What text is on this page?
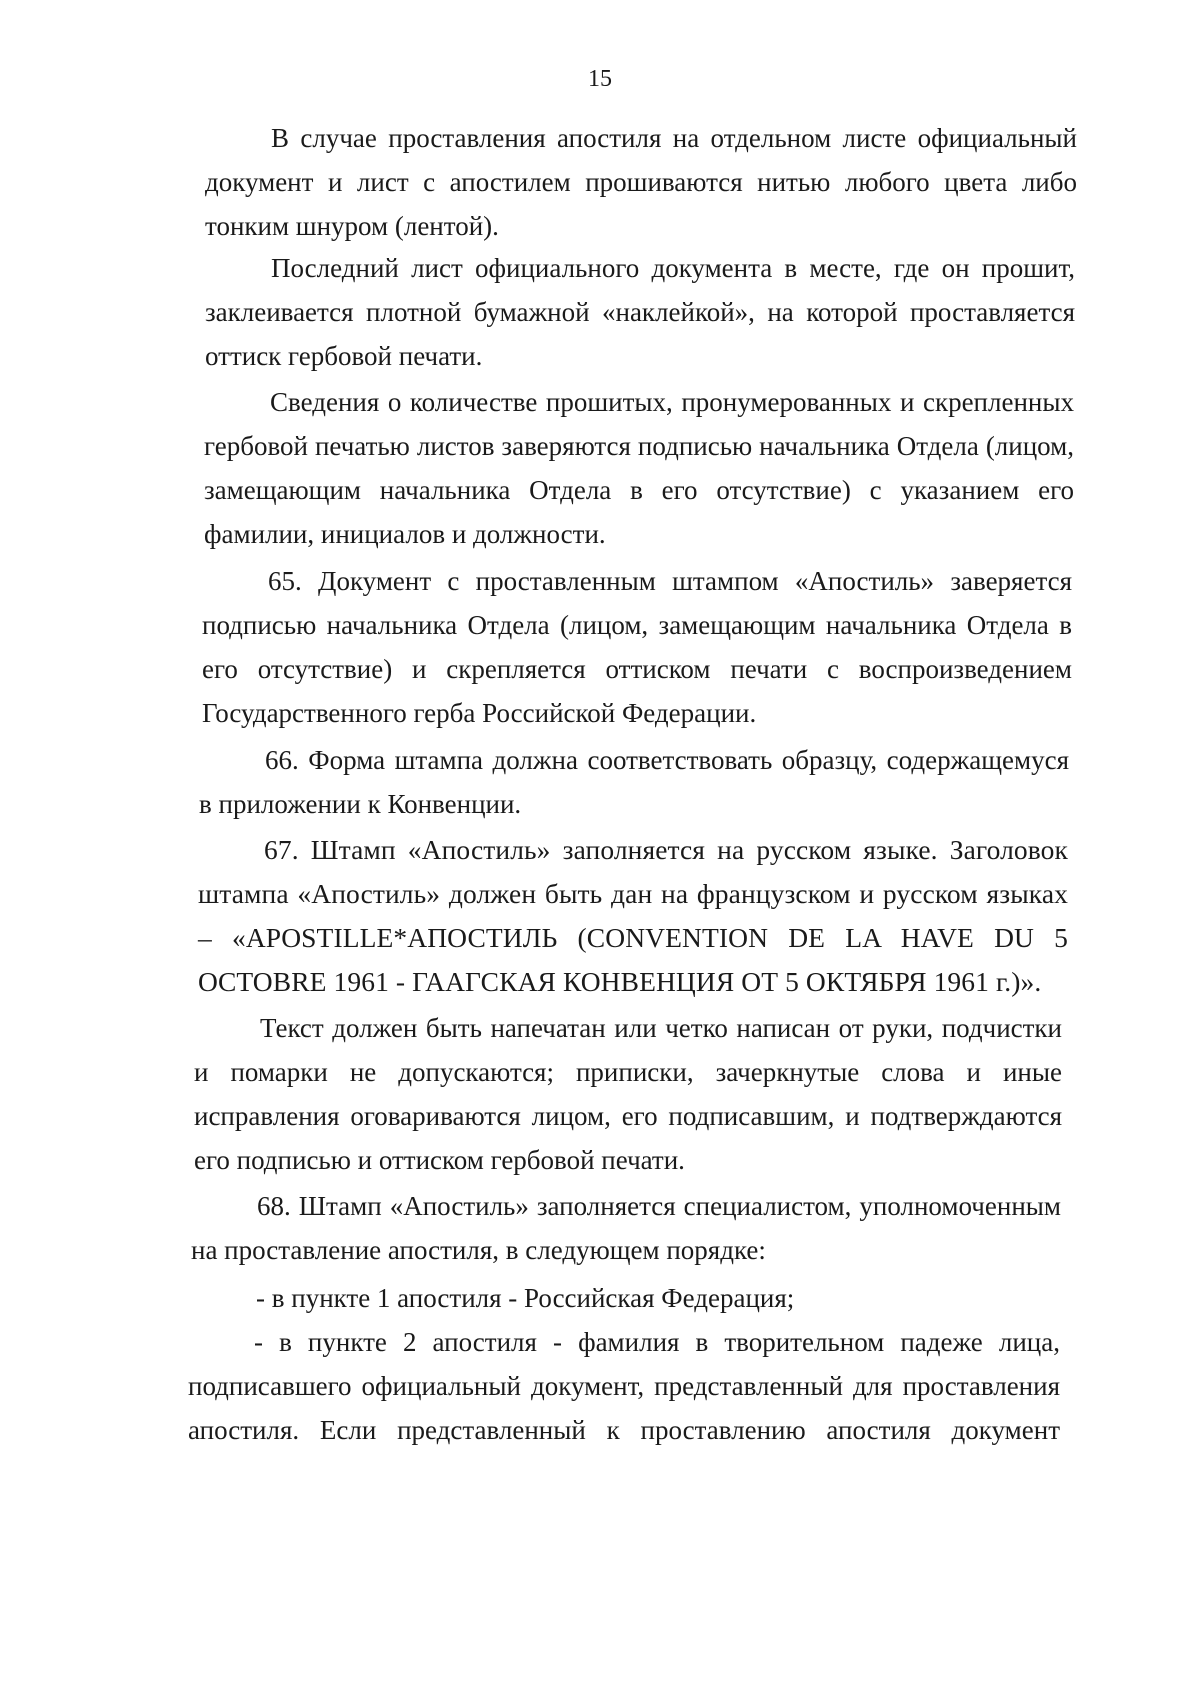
15

В случае проставления апостиля на отдельном листе официальный документ и лист с апостилем прошиваются нитью любого цвета либо тонким шнуром (лентой).

Последний лист официального документа в месте, где он прошит, заклеивается плотной бумажной «наклейкой», на которой проставляется оттиск гербовой печати.

Сведения о количестве прошитых, пронумерованных и скрепленных гербовой печатью листов заверяются подписью начальника Отдела (лицом, замещающим начальника Отдела в его отсутствие) с указанием его фамилии, инициалов и должности.

65. Документ с проставленным штампом «Апостиль» заверяется подписью начальника Отдела (лицом, замещающим начальника Отдела в его отсутствие) и скрепляется оттиском печати с воспроизведением Государственного герба Российской Федерации.

66. Форма штампа должна соответствовать образцу, содержащемуся в приложении к Конвенции.

67. Штамп «Апостиль» заполняется на русском языке. Заголовок штампа «Апостиль» должен быть дан на французском и русском языках – «APOSTILLE*АПОСТИЛЬ (CONVENTION DE LA HAVE DU 5 OCTOBRE 1961 - ГААГСКАЯ КОНВЕНЦИЯ ОТ 5 ОКТЯБРЯ 1961 г.)».

Текст должен быть напечатан или четко написан от руки, подчистки и помарки не допускаются; приписки, зачеркнутые слова и иные исправления оговариваются лицом, его подписавшим, и подтверждаются его подписью и оттиском гербовой печати.

68. Штамп «Апостиль» заполняется специалистом, уполномоченным на проставление апостиля, в следующем порядке:

- в пункте 1 апостиля - Российская Федерация;

- в пункте 2 апостиля - фамилия в творительном падеже лица, подписавшего официальный документ, представленный для проставления апостиля. Если представленный к проставлению апостиля документ
